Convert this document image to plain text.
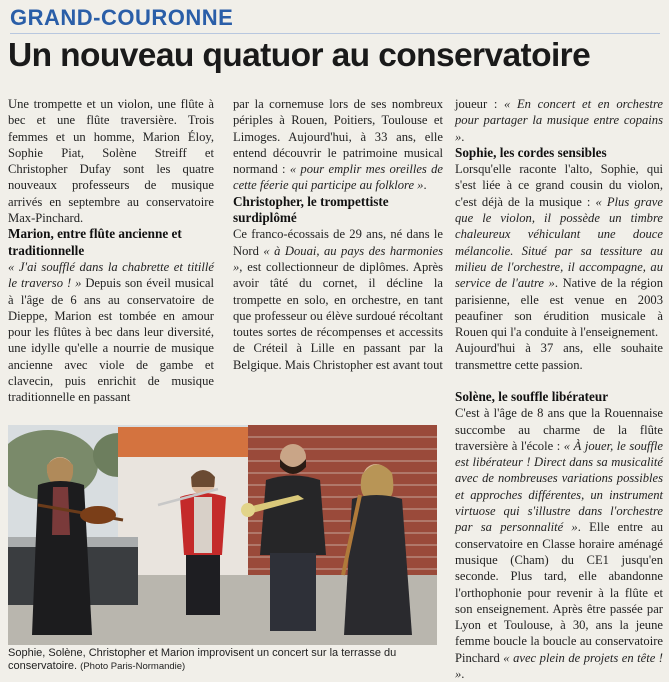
GRAND-COURONNE
Un nouveau quatuor au conservatoire

Une trompette et un violon, une flûte à bec et une flûte traversière. Trois femmes et un homme, Marion Éloy, Sophie Piat, Solène Streiff et Christopher Dufay sont les quatre nouveaux professeurs de musique arrivés en septembre au conservatoire Max-Pinchard.

Marion, entre flûte ancienne et traditionnelle

« J'ai soufflé dans la chabrette et titillé le traverso ! » Depuis son éveil musical à l'âge de 6 ans au conservatoire de Dieppe, Marion est tombée en amour pour les flûtes à bec dans leur diversité, une idylle qu'elle a nourrie de musique ancienne avec viole de gambe et clavecin, puis enrichit de musique traditionnelle en passant

par la cornemuse lors de ses nombreux périples à Rouen, Poitiers, Toulouse et Limoges. Aujourd'hui, à 33 ans, elle entend découvrir le patrimoine musical normand : « pour emplir mes oreilles de cette féerie qui participe au folklore ».

Christopher, le trompettiste surdiplômé

Ce franco-écossais de 29 ans, né dans le Nord « à Douai, au pays des harmonies », est collectionneur de diplômes. Après avoir tâté du cornet, il décline la trompette en solo, en orchestre, en tant que professeur ou élève surdoué récoltant toutes sortes de récompenses et accessits de Créteil à Lille en passant par la Belgique. Mais Christopher est avant tout

joueur : « En concert et en orchestre pour partager la musique entre copains ».

Sophie, les cordes sensibles

Lorsqu'elle raconte l'alto, Sophie, qui s'est liée à ce grand cousin du violon, c'est déjà de la musique : « Plus grave que le violon, il possède un timbre chaleureux véhiculant une douce mélancolie. Situé par sa tessiture au milieu de l'orchestre, il accompagne, au service de l'autre ». Native de la région parisienne, elle est venue en 2003 peaufiner son érudition musicale à Rouen qui l'a conduite à l'enseignement.

Aujourd'hui à 37 ans, elle souhaite transmettre cette passion.

Solène, le souffle libérateur

C'est à l'âge de 8 ans que la Rouennaise succombe au charme de la flûte traversière à l'école : « À jouer, le souffle est libérateur ! Direct dans sa musicalité avec de nombreuses variations possibles et approches différentes, un instrument virtuose qui s'illustre dans l'orchestre par sa personnalité ». Elle entre au conservatoire en Classe horaire aménagé musique (Cham) du CE1 jusqu'en seconde. Plus tard, elle abandonne l'orthophonie pour revenir à la flûte et son enseignement. Après être passée par Lyon et Toulouse, à 30, ans la jeune femme boucle la boucle au conservatoire Pinchard « avec plein de projets en tête ! ».

Sophie, Solène, Christopher et Marion improvisent un concert sur la terrasse du conservatoire. (Photo Paris-Normandie)
